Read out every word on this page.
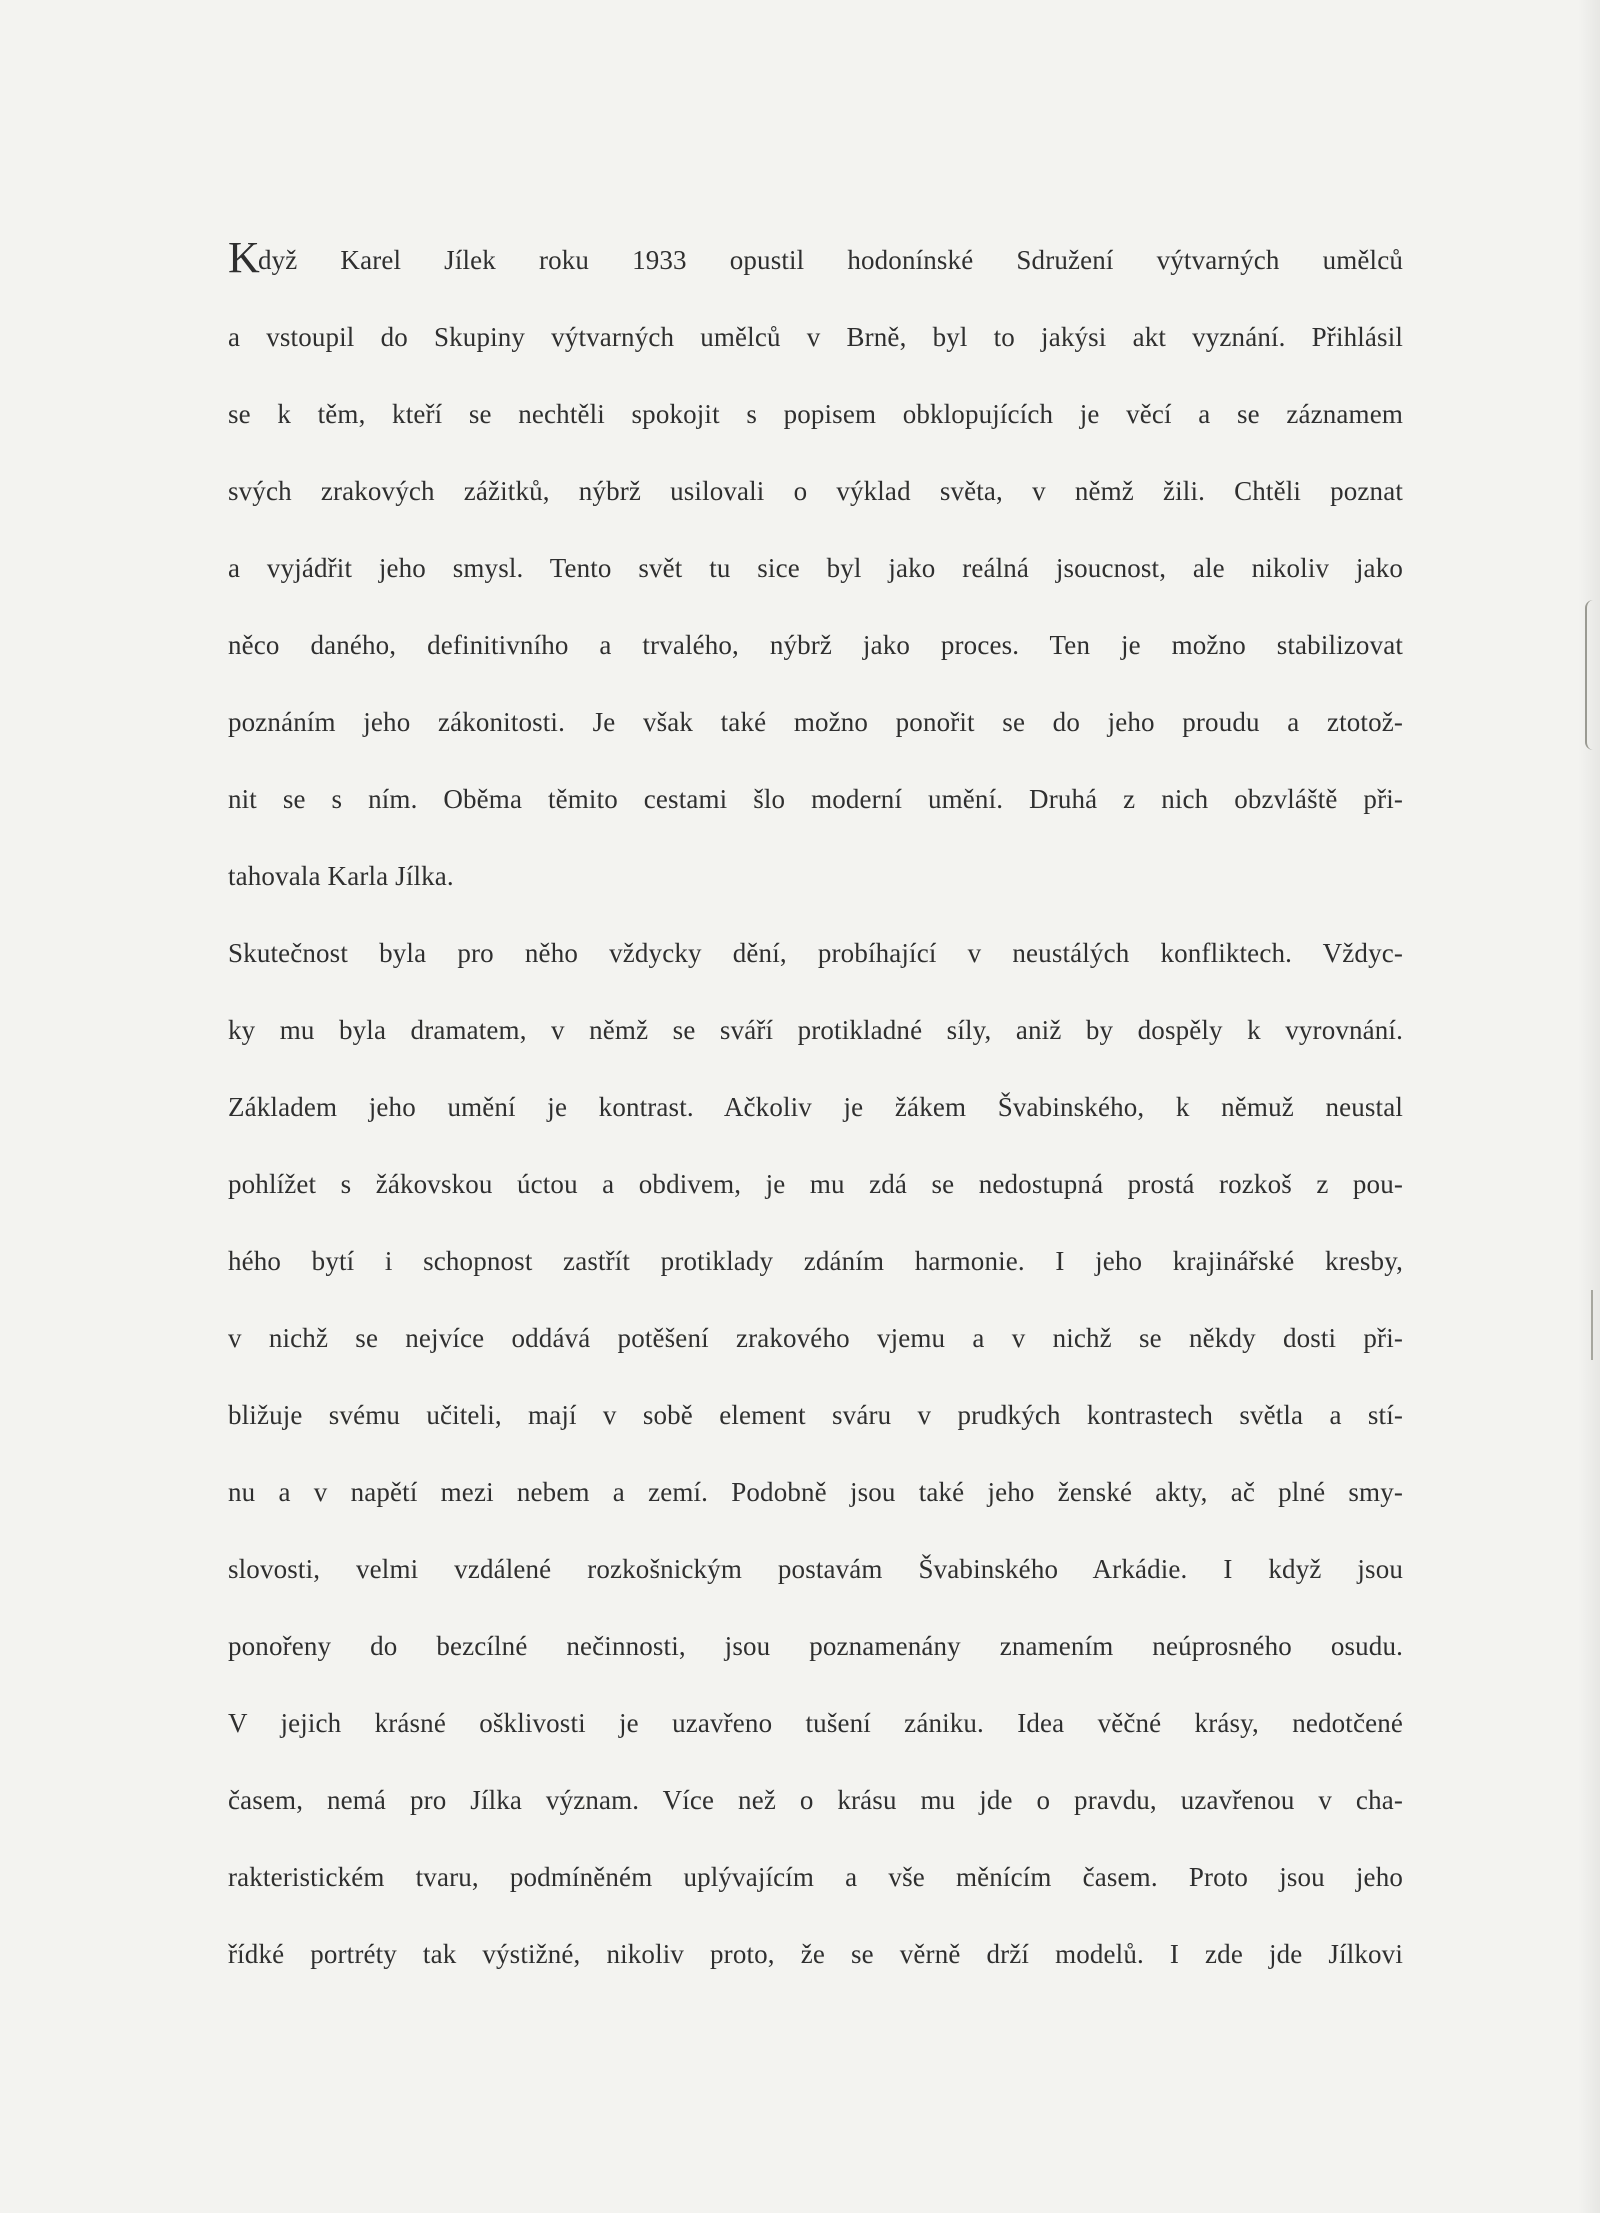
Když Karel Jílek roku 1933 opustil hodonínské Sdružení výtvarných umělců
a vstoupil do Skupiny výtvarných umělců v Brně, byl to jakýsi akt vyznání. Přihlásil
se k těm, kteří se nechtěli spokojit s popisem obklopujících je věcí a se záznamem
svých zrakových zážitků, nýbrž usilovali o výklad světa, v němž žili. Chtěli poznat
a vyjádřit jeho smysl. Tento svět tu sice byl jako reálná jsoucnost, ale nikoliv jako
něco daného, definitivního a trvalého, nýbrž jako proces. Ten je možno stabilizovat
poznáním jeho zákonitosti. Je však také možno ponořit se do jeho proudu a ztotož-
nit se s ním. Oběma těmito cestami šlo moderní umění. Druhá z nich obzvláště při-
tahovala Karla Jílka.
Skutečnost byla pro něho vždycky dění, probíhající v neustálých konfliktech. Vždyc-
ky mu byla dramatem, v němž se sváří protikladné síly, aniž by dospěly k vyrovnání.
Základem jeho umění je kontrast. Ačkoliv je žákem Švabinského, k němuž neustal
pohlížet s žákovskou úctou a obdivem, je mu zdá se nedostupná prostá rozkoš z pou-
hého bytí i schopnost zastřít protiklady zdáním harmonie. I jeho krajinářské kresby,
v nichž se nejvíce oddává potěšení zrakového vjemu a v nichž se někdy dosti při-
bližuje svému učiteli, mají v sobě element sváru v prudkých kontrastech světla a stí-
nu a v napětí mezi nebem a zemí. Podobně jsou také jeho ženské akty, ač plné smy-
slovosti, velmi vzdálené rozkošnickým postavám Švabinského Arkádie. I když jsou
ponořeny do bezcílné nečinnosti, jsou poznamenány znamením neúprosného osudu.
V jejich krásné ošklivosti je uzavřeno tušení zániku. Idea věčné krásy, nedotčené
časem, nemá pro Jílka význam. Více než o krásu mu jde o pravdu, uzavřenou v cha-
rakteristickém tvaru, podmíněném uplývajícím a vše měnícím časem. Proto jsou jeho
řídké portréty tak výstižné, nikoliv proto, že se věrně drží modelů. I zde jde Jílkovi
